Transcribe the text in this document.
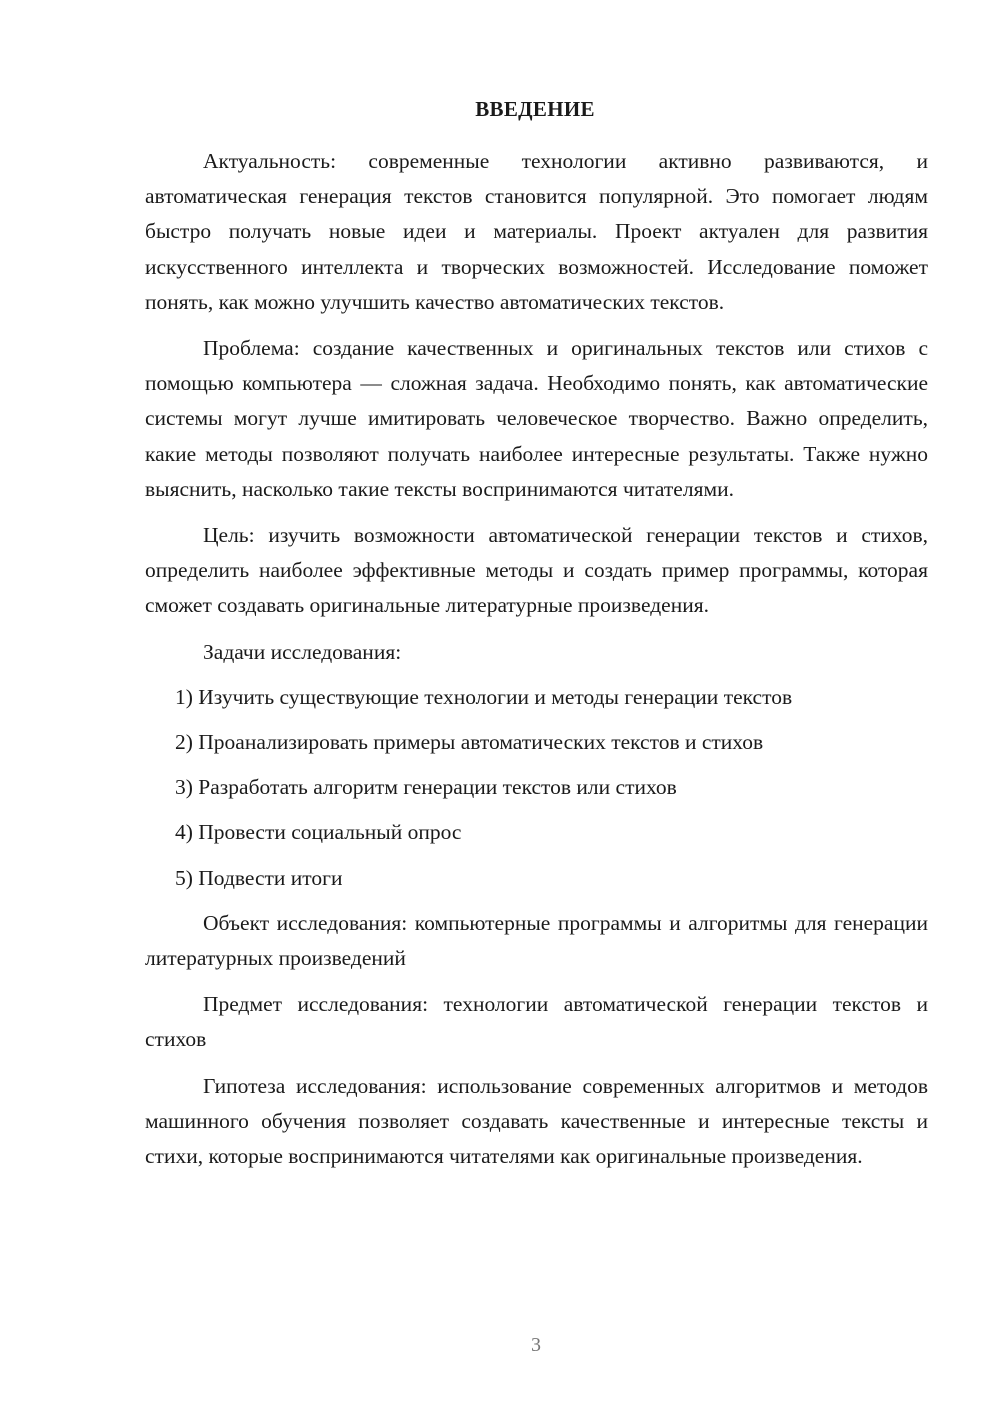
ВВЕДЕНИЕ

Актуальность: современные технологии активно развиваются, и автоматическая генерация текстов становится популярной. Это помогает людям быстро получать новые идеи и материалы. Проект актуален для развития искусственного интеллекта и творческих возможностей. Исследование поможет понять, как можно улучшить качество автоматических текстов.

Проблема: создание качественных и оригинальных текстов или стихов с помощью компьютера — сложная задача. Необходимо понять, как автоматические системы могут лучше имитировать человеческое творчество. Важно определить, какие методы позволяют получать наиболее интересные результаты. Также нужно выяснить, насколько такие тексты воспринимаются читателями.

Цель: изучить возможности автоматической генерации текстов и стихов, определить наиболее эффективные методы и создать пример программы, которая сможет создавать оригинальные литературные произведения.

Задачи исследования:

1) Изучить существующие технологии и методы генерации текстов

2) Проанализировать примеры автоматических текстов и стихов

3) Разработать алгоритм генерации текстов или стихов

4) Провести социальный опрос

5) Подвести итоги

Объект исследования: компьютерные программы и алгоритмы для генерации литературных произведений

Предмет исследования: технологии автоматической генерации текстов и стихов

Гипотеза исследования: использование современных алгоритмов и методов машинного обучения позволяет создавать качественные и интересные тексты и стихи, которые воспринимаются читателями как оригинальные произведения.

3
